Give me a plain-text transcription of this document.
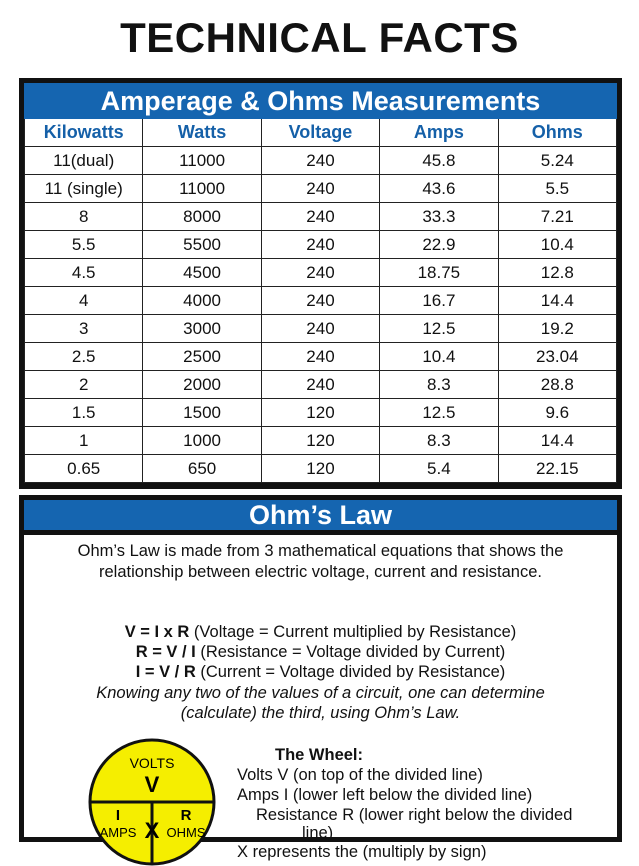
TECHNICAL FACTS
Amperage & Ohms Measurements
Kilowatts	Watts	Voltage	Amps	Ohms
11(dual)	11000	240	45.8	5.24
11 (single)	11000	240	43.6	5.5
8	8000	240	33.3	7.21
5.5	5500	240	22.9	10.4
4.5	4500	240	18.75	12.8
4	4000	240	16.7	14.4
3	3000	240	12.5	19.2
2.5	2500	240	10.4	23.04
2	2000	240	8.3	28.8
1.5	1500	120	12.5	9.6
1	1000	120	8.3	14.4
0.65	650	120	5.4	22.15
Ohm’s Law
Ohm’s Law is made from 3 mathematical equations that shows the
relationship between electric voltage, current and resistance.
V = I x R (Voltage = Current multiplied by Resistance)
R = V / I (Resistance = Voltage divided by Current)
I = V / R (Current = Voltage divided by Resistance)
Knowing any two of the values of a circuit, one can determine
(calculate) the third, using Ohm’s Law.
VOLTS
V
I	R
X
AMPS OHMS
The Wheel:
Volts V (on top of the divided line)
Amps I (lower left below the divided line)
Resistance R (lower right below the divided
line)
X represents the (multiply by sign)
